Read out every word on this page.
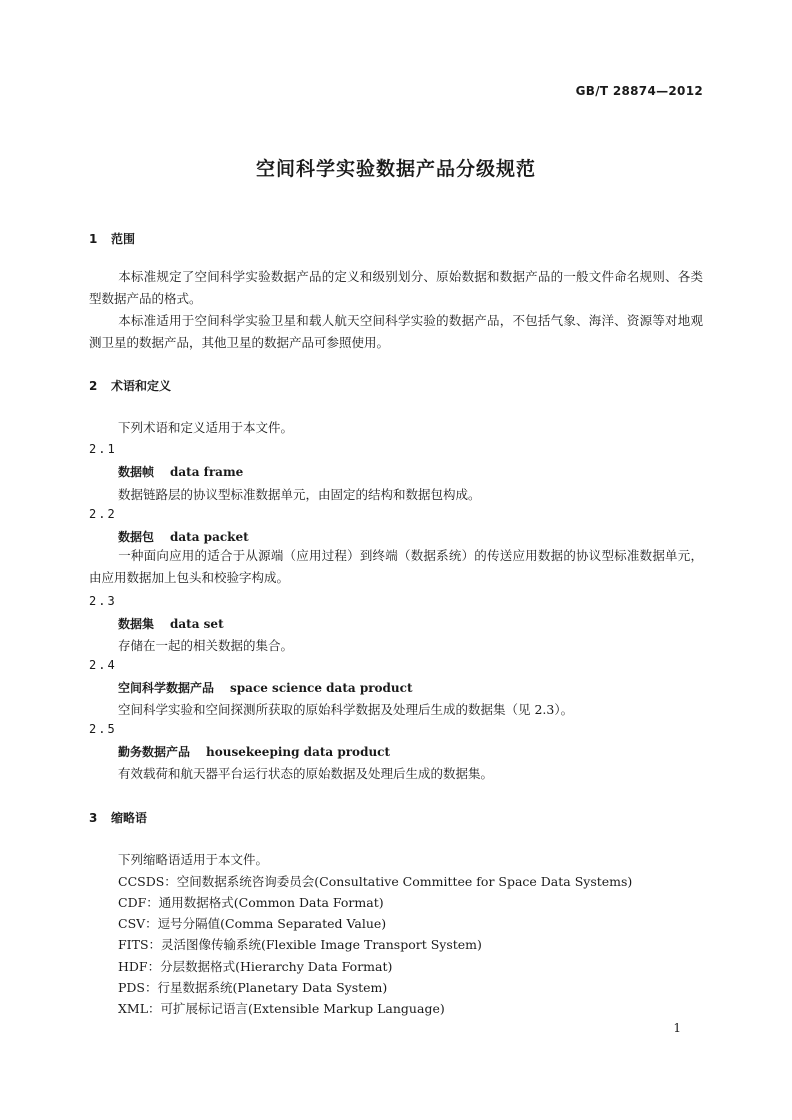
GB/T 28874—2012
空间科学实验数据产品分级规范
1 范围
本标准规定了空间科学实验数据产品的定义和级别划分、原始数据和数据产品的一般文件命名规则、各类型数据产品的格式。
本标准适用于空间科学实验卫星和载人航天空间科学实验的数据产品，不包括气象、海洋、资源等对地观测卫星的数据产品，其他卫星的数据产品可参照使用。
2 术语和定义
下列术语和定义适用于本文件。
2.1
数据帧 data frame
数据链路层的协议型标准数据单元，由固定的结构和数据包构成。
2.2
数据包 data packet
一种面向应用的适合于从源端（应用过程）到终端（数据系统）的传送应用数据的协议型标准数据单元，由应用数据加上包头和校验字构成。
2.3
数据集 data set
存储在一起的相关数据的集合。
2.4
空间科学数据产品 space science data product
空间科学实验和空间探测所获取的原始科学数据及处理后生成的数据集（见 2.3）。
2.5
勤务数据产品 housekeeping data product
有效载荷和航天器平台运行状态的原始数据及处理后生成的数据集。
3 缩略语
下列缩略语适用于本文件。
CCSDS：空间数据系统咨询委员会(Consultative Committee for Space Data Systems)
CDF：通用数据格式(Common Data Format)
CSV：逗号分隔值(Comma Separated Value)
FITS：灵活图像传输系统(Flexible Image Transport System)
HDF：分层数据格式(Hierarchy Data Format)
PDS：行星数据系统(Planetary Data System)
XML：可扩展标记语言(Extensible Markup Language)
1
